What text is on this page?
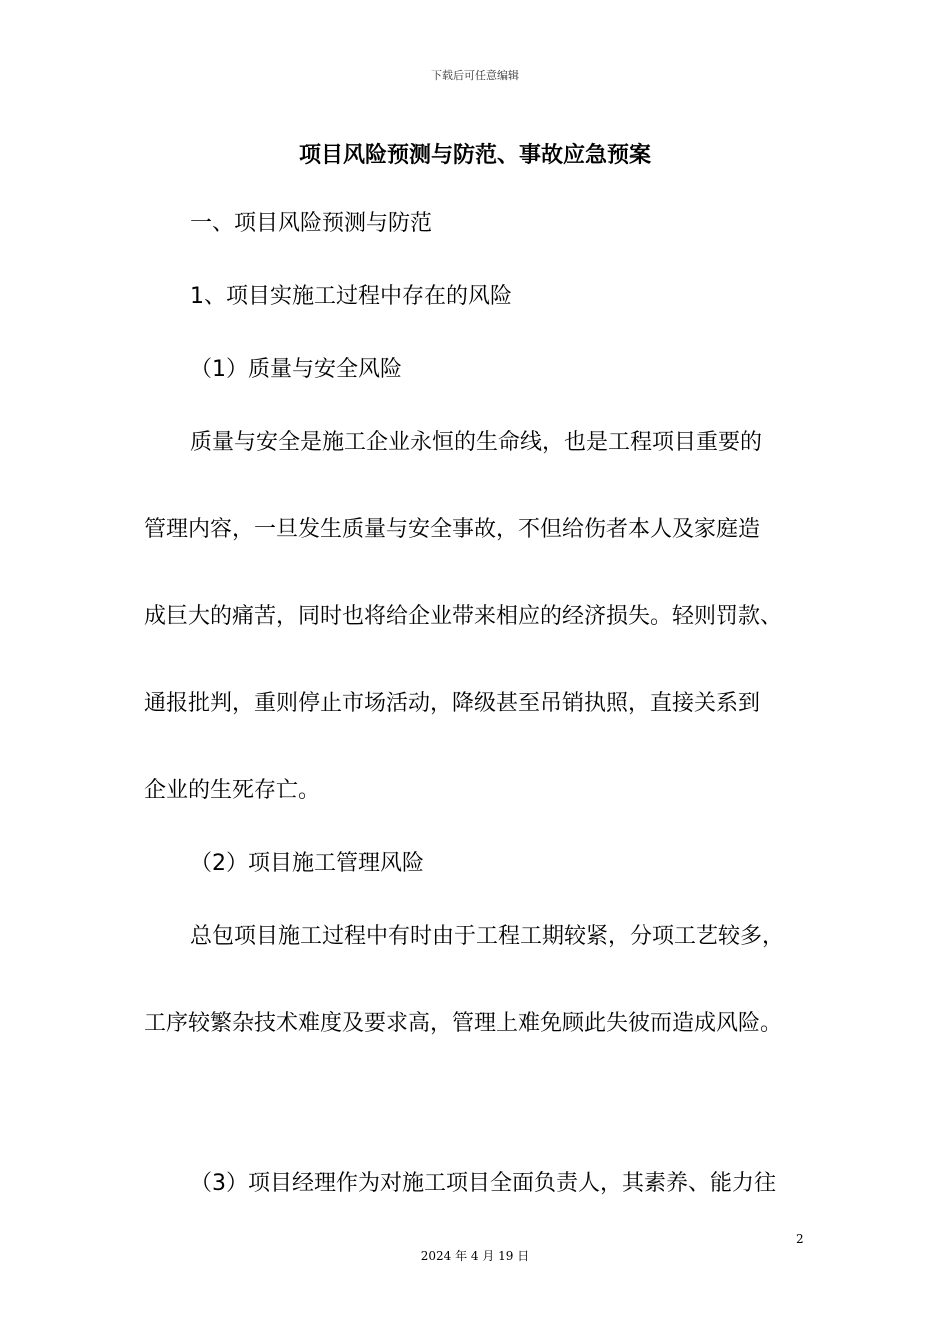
下载后可任意编辑
项目风险预测与防范、事故应急预案
一、项目风险预测与防范
1、项目实施工过程中存在的风险
（1）质量与安全风险
质量与安全是施工企业永恒的生命线，也是工程项目重要的
管理内容，一旦发生质量与安全事故，不但给伤者本人及家庭造
成巨大的痛苦，同时也将给企业带来相应的经济损失。轻则罚款、
通报批判，重则停止市场活动，降级甚至吊销执照，直接关系到
企业的生死存亡。
（2）项目施工管理风险
总包项目施工过程中有时由于工程工期较紧，分项工艺较多，
工序较繁杂技术难度及要求高，管理上难免顾此失彼而造成风险。
（3）项目经理作为对施工项目全面负责人，其素养、能力往
2
2024 年 4 月 19 日
